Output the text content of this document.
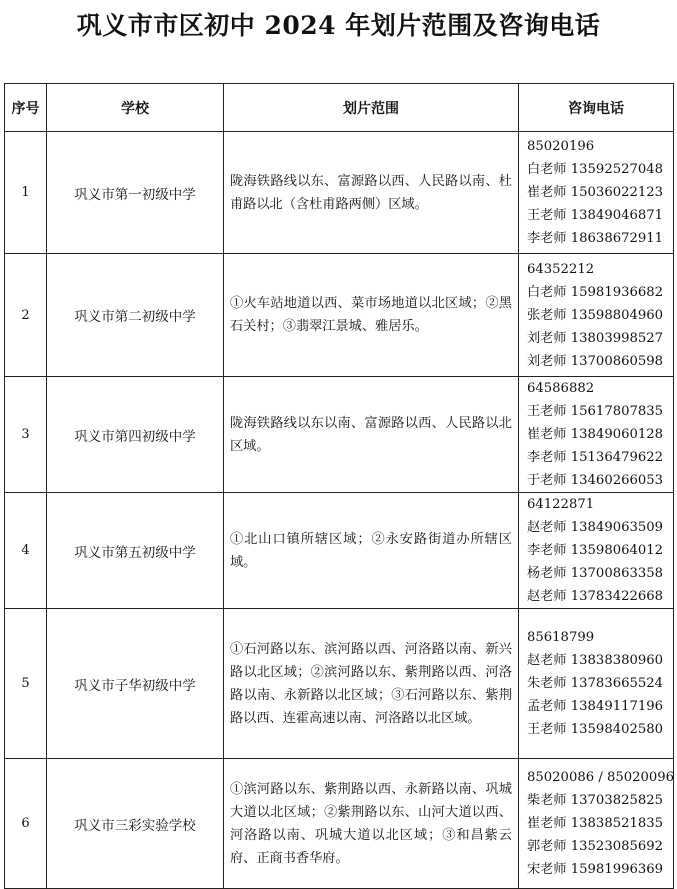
巩义市市区初中 2024 年划片范围及咨询电话
序号	学校	划片范围	咨询电话
1	巩义市第一初级中学	陇海铁路线以东、富源路以西、人民路以南、杜甫路以北（含杜甫路两侧）区域。	85020196
白老师 13592527048
崔老师 15036022123
王老师 13849046871
李老师 18638672911

2	巩义市第二初级中学	①火车站地道以西、菜市场地道以北区域；②黑石关村；③翡翠江景城、雅居乐。	64352212
白老师 15981936682
张老师 13598804960
刘老师 13803998527
刘老师 13700860598

3	巩义市第四初级中学	陇海铁路线以东以南、富源路以西、人民路以北区域。	64586882
王老师 15617807835
崔老师 13849060128
李老师 15136479622
于老师 13460266053

4	巩义市第五初级中学	①北山口镇所辖区域；②永安路街道办所辖区域。	64122871
赵老师 13849063509
李老师 13598064012
杨老师 13700863358
赵老师 13783422668

5	巩义市子华初级中学	①石河路以东、滨河路以西、河洛路以南、新兴路以北区域；②滨河路以东、紫荆路以西、河洛路以南、永新路以北区域；③石河路以东、紫荆路以西、连霍高速以南、河洛路以北区域。	85618799
赵老师 13838380960
朱老师 13783665524
孟老师 13849117196
王老师 13598402580

6	巩义市三彩实验学校	①滨河路以东、紫荆路以西、永新路以南、巩城大道以北区域；②紫荆路以东、山河大道以西、河洛路以南、巩城大道以北区域；③和昌紫云府、正商书香华府。	85020086 / 85020096
柴老师 13703825825
崔老师 13838521835
郭老师 13523085692
宋老师 15981996369
